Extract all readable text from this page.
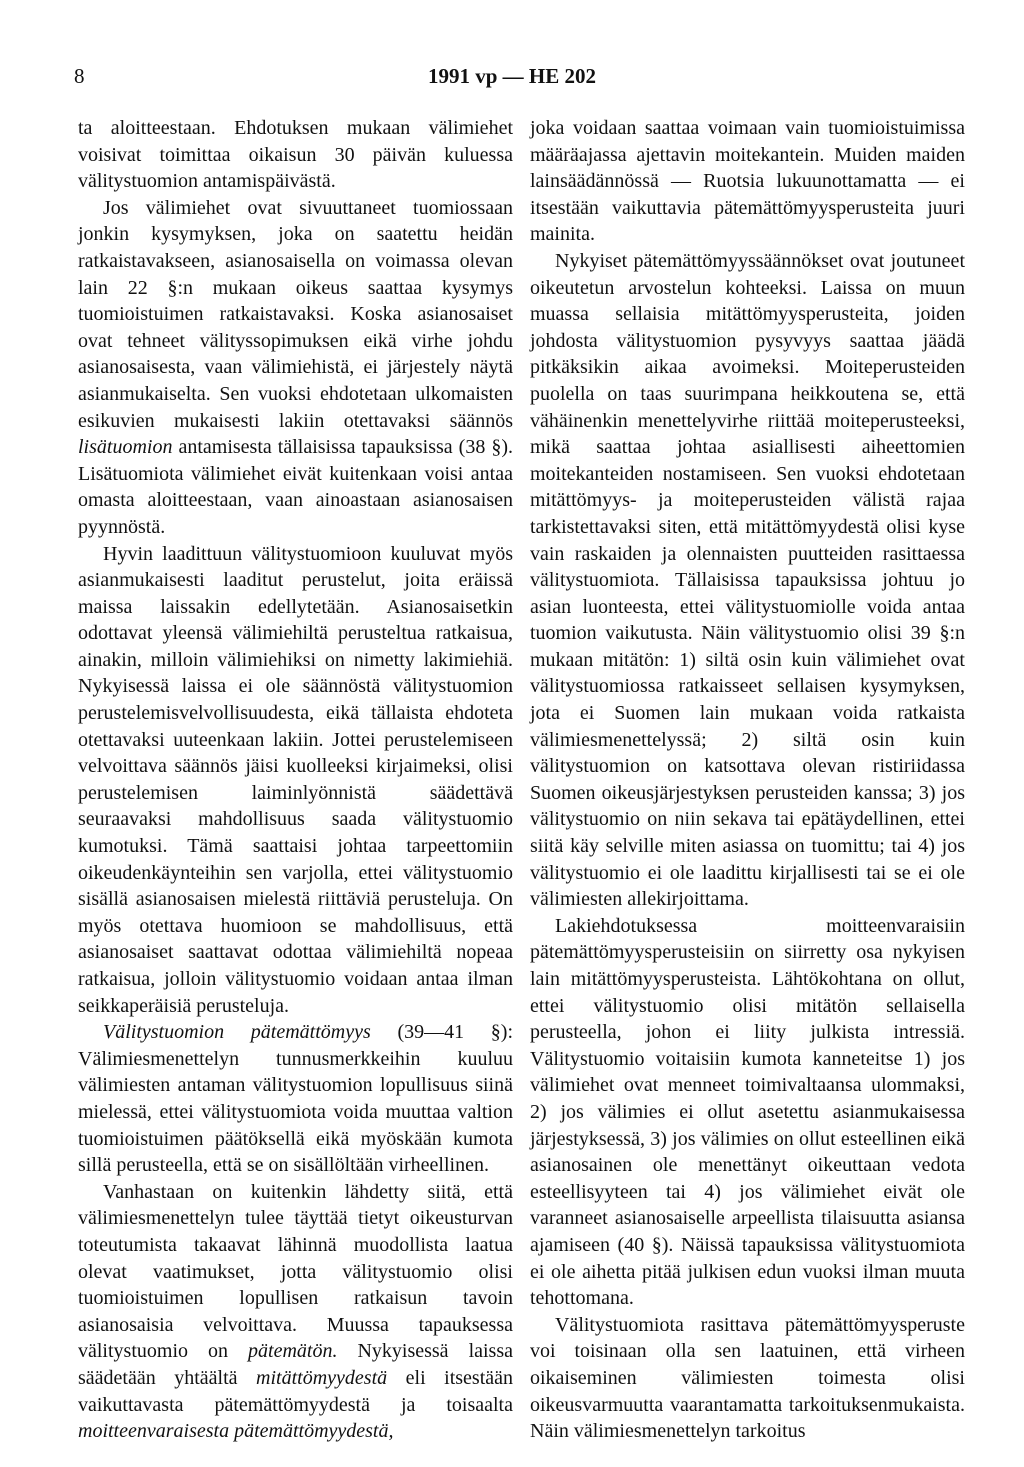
8	1991 vp — HE 202

ta aloitteestaan. Ehdotuksen mukaan välimiehet voisivat toimittaa oikaisun 30 päivän kuluessa välitystuomion antamispäivästä.

Jos välimiehet ovat sivuuttaneet tuomiossaan jonkin kysymyksen, joka on saatettu heidän ratkaistavakseen, asianosaisella on voimassa olevan lain 22 §:n mukaan oikeus saattaa kysymys tuomioistuimen ratkaistavaksi. Koska asianosaiset ovat tehneet välityssopimuksen eikä virhe johdu asianosaisesta, vaan välimiehistä, ei järjestely näytä asianmukaiselta. Sen vuoksi ehdotetaan ulkomaisten esikuvien mukaisesti lakiin otettavaksi säännös lisätuomion antamisesta tällaisissa tapauksissa (38 §). Lisätuomiota välimiehet eivät kuitenkaan voisi antaa omasta aloitteestaan, vaan ainoastaan asianosaisen pyynnöstä.

Hyvin laadittuun välitystuomioon kuuluvat myös asianmukaisesti laaditut perustelut, joita eräissä maissa laissakin edellytetään. Asianosaisetkin odottavat yleensä välimiehiltä perusteltua ratkaisua, ainakin, milloin välimiehiksi on nimetty lakimiehiä. Nykyisessä laissa ei ole säännöstä välitystuomion perustelemisvelvollisuudesta, eikä tällaista ehdoteta otettavaksi uuteenkaan lakiin. Jottei perustelemiseen velvoittava säännös jäisi kuolleeksi kirjaimeksi, olisi perustelemisen laiminlyönnistä säädettävä seuraavaksi mahdollisuus saada välitystuomio kumotuksi. Tämä saattaisi johtaa tarpeettomiin oikeudenkäynteihin sen varjolla, ettei välitystuomio sisällä asianosaisen mielestä riittäviä perusteluja. On myös otettava huomioon se mahdollisuus, että asianosaiset saattavat odottaa välimiehiltä nopeaa ratkaisua, jolloin välitystuomio voidaan antaa ilman seikkaperäisiä perusteluja.

Välitystuomion pätemättömyys (39—41 §): Välimiesmenettelyn tunnusmerkkeihin kuuluu välimiesten antaman välitystuomion lopullisuus siinä mielessä, ettei välitystuomiota voida muuttaa valtion tuomioistuimen päätöksellä eikä myöskään kumota sillä perusteella, että se on sisällöltään virheellinen.

Vanhastaan on kuitenkin lähdetty siitä, että välimiesmenettelyn tulee täyttää tietyt oikeusturvan toteutumista takaavat lähinnä muodollista laatua olevat vaatimukset, jotta välitystuomio olisi tuomioistuimen lopullisen ratkaisun tavoin asianosaisia velvoittava. Muussa tapauksessa välitystuomio on pätemätön. Nykyisessä laissa säädetään yhtäältä mitättömyydestä eli itsestään vaikuttavasta pätemättömyydestä ja toisaalta moitteenvaraisesta pätemättömyydestä,

joka voidaan saattaa voimaan vain tuomioistuimissa määräajassa ajettavin moitekantein. Muiden maiden lainsäädännössä — Ruotsia lukuunottamatta — ei itsestään vaikuttavia pätemättömyysperusteita juuri mainita.

Nykyiset pätemättömyyssäännökset ovat joutuneet oikeutetun arvostelun kohteeksi. Laissa on muun muassa sellaisia mitättömyysperusteita, joiden johdosta välitystuomion pysyvyys saattaa jäädä pitkäksikin aikaa avoimeksi. Moiteperusteiden puolella on taas suurimpana heikkoutena se, että vähäinenkin menettelyvirhe riittää moiteperusteeksi, mikä saattaa johtaa asiallisesti aiheettomien moitekanteiden nostamiseen. Sen vuoksi ehdotetaan mitättömyys- ja moiteperusteiden välistä rajaa tarkistettavaksi siten, että mitättömyydestä olisi kyse vain raskaiden ja olennaisten puutteiden rasittaessa välitystuomiota. Tällaisissa tapauksissa johtuu jo asian luonteesta, ettei välitystuomiolle voida antaa tuomion vaikutusta. Näin välitystuomio olisi 39 §:n mukaan mitätön: 1) siltä osin kuin välimiehet ovat välitystuomiossa ratkaisseet sellaisen kysymyksen, jota ei Suomen lain mukaan voida ratkaista välimiesmenettelyssä; 2) siltä osin kuin välitystuomion on katsottava olevan ristiriidassa Suomen oikeusjärjestyksen perusteiden kanssa; 3) jos välitystuomio on niin sekava tai epätäydellinen, ettei siitä käy selville miten asiassa on tuomittu; tai 4) jos välitystuomio ei ole laadittu kirjallisesti tai se ei ole välimiesten allekirjoittama.

Lakiehdotuksessa moitteenvaraisiin pätemättömyysperusteisiin on siirretty osa nykyisen lain mitättömyysperusteista. Lähtökohtana on ollut, ettei välitystuomio olisi mitätön sellaisella perusteella, johon ei liity julkista intressiä. Välitystuomio voitaisiin kumota kanneteitse 1) jos välimiehet ovat menneet toimivaltaansa ulommaksi, 2) jos välimies ei ollut asetettu asianmukaisessa järjestyksessä, 3) jos välimies on ollut esteellinen eikä asianosainen ole menettänyt oikeuttaan vedota esteellisyyteen tai 4) jos välimiehet eivät ole varanneet asianosaiselle arpeellista tilaisuutta asiansa ajamiseen (40 §). Näissä tapauksissa välitystuomiota ei ole aihetta pitää julkisen edun vuoksi ilman muuta tehottomana.

Välitystuomiota rasittava pätemättömyysperuste voi toisinaan olla sen laatuinen, että virheen oikaiseminen välimiesten toimesta olisi oikeusvarmuutta vaarantamatta tarkoituksenmukaista. Näin välimiesmenettelyn tarkoitus
